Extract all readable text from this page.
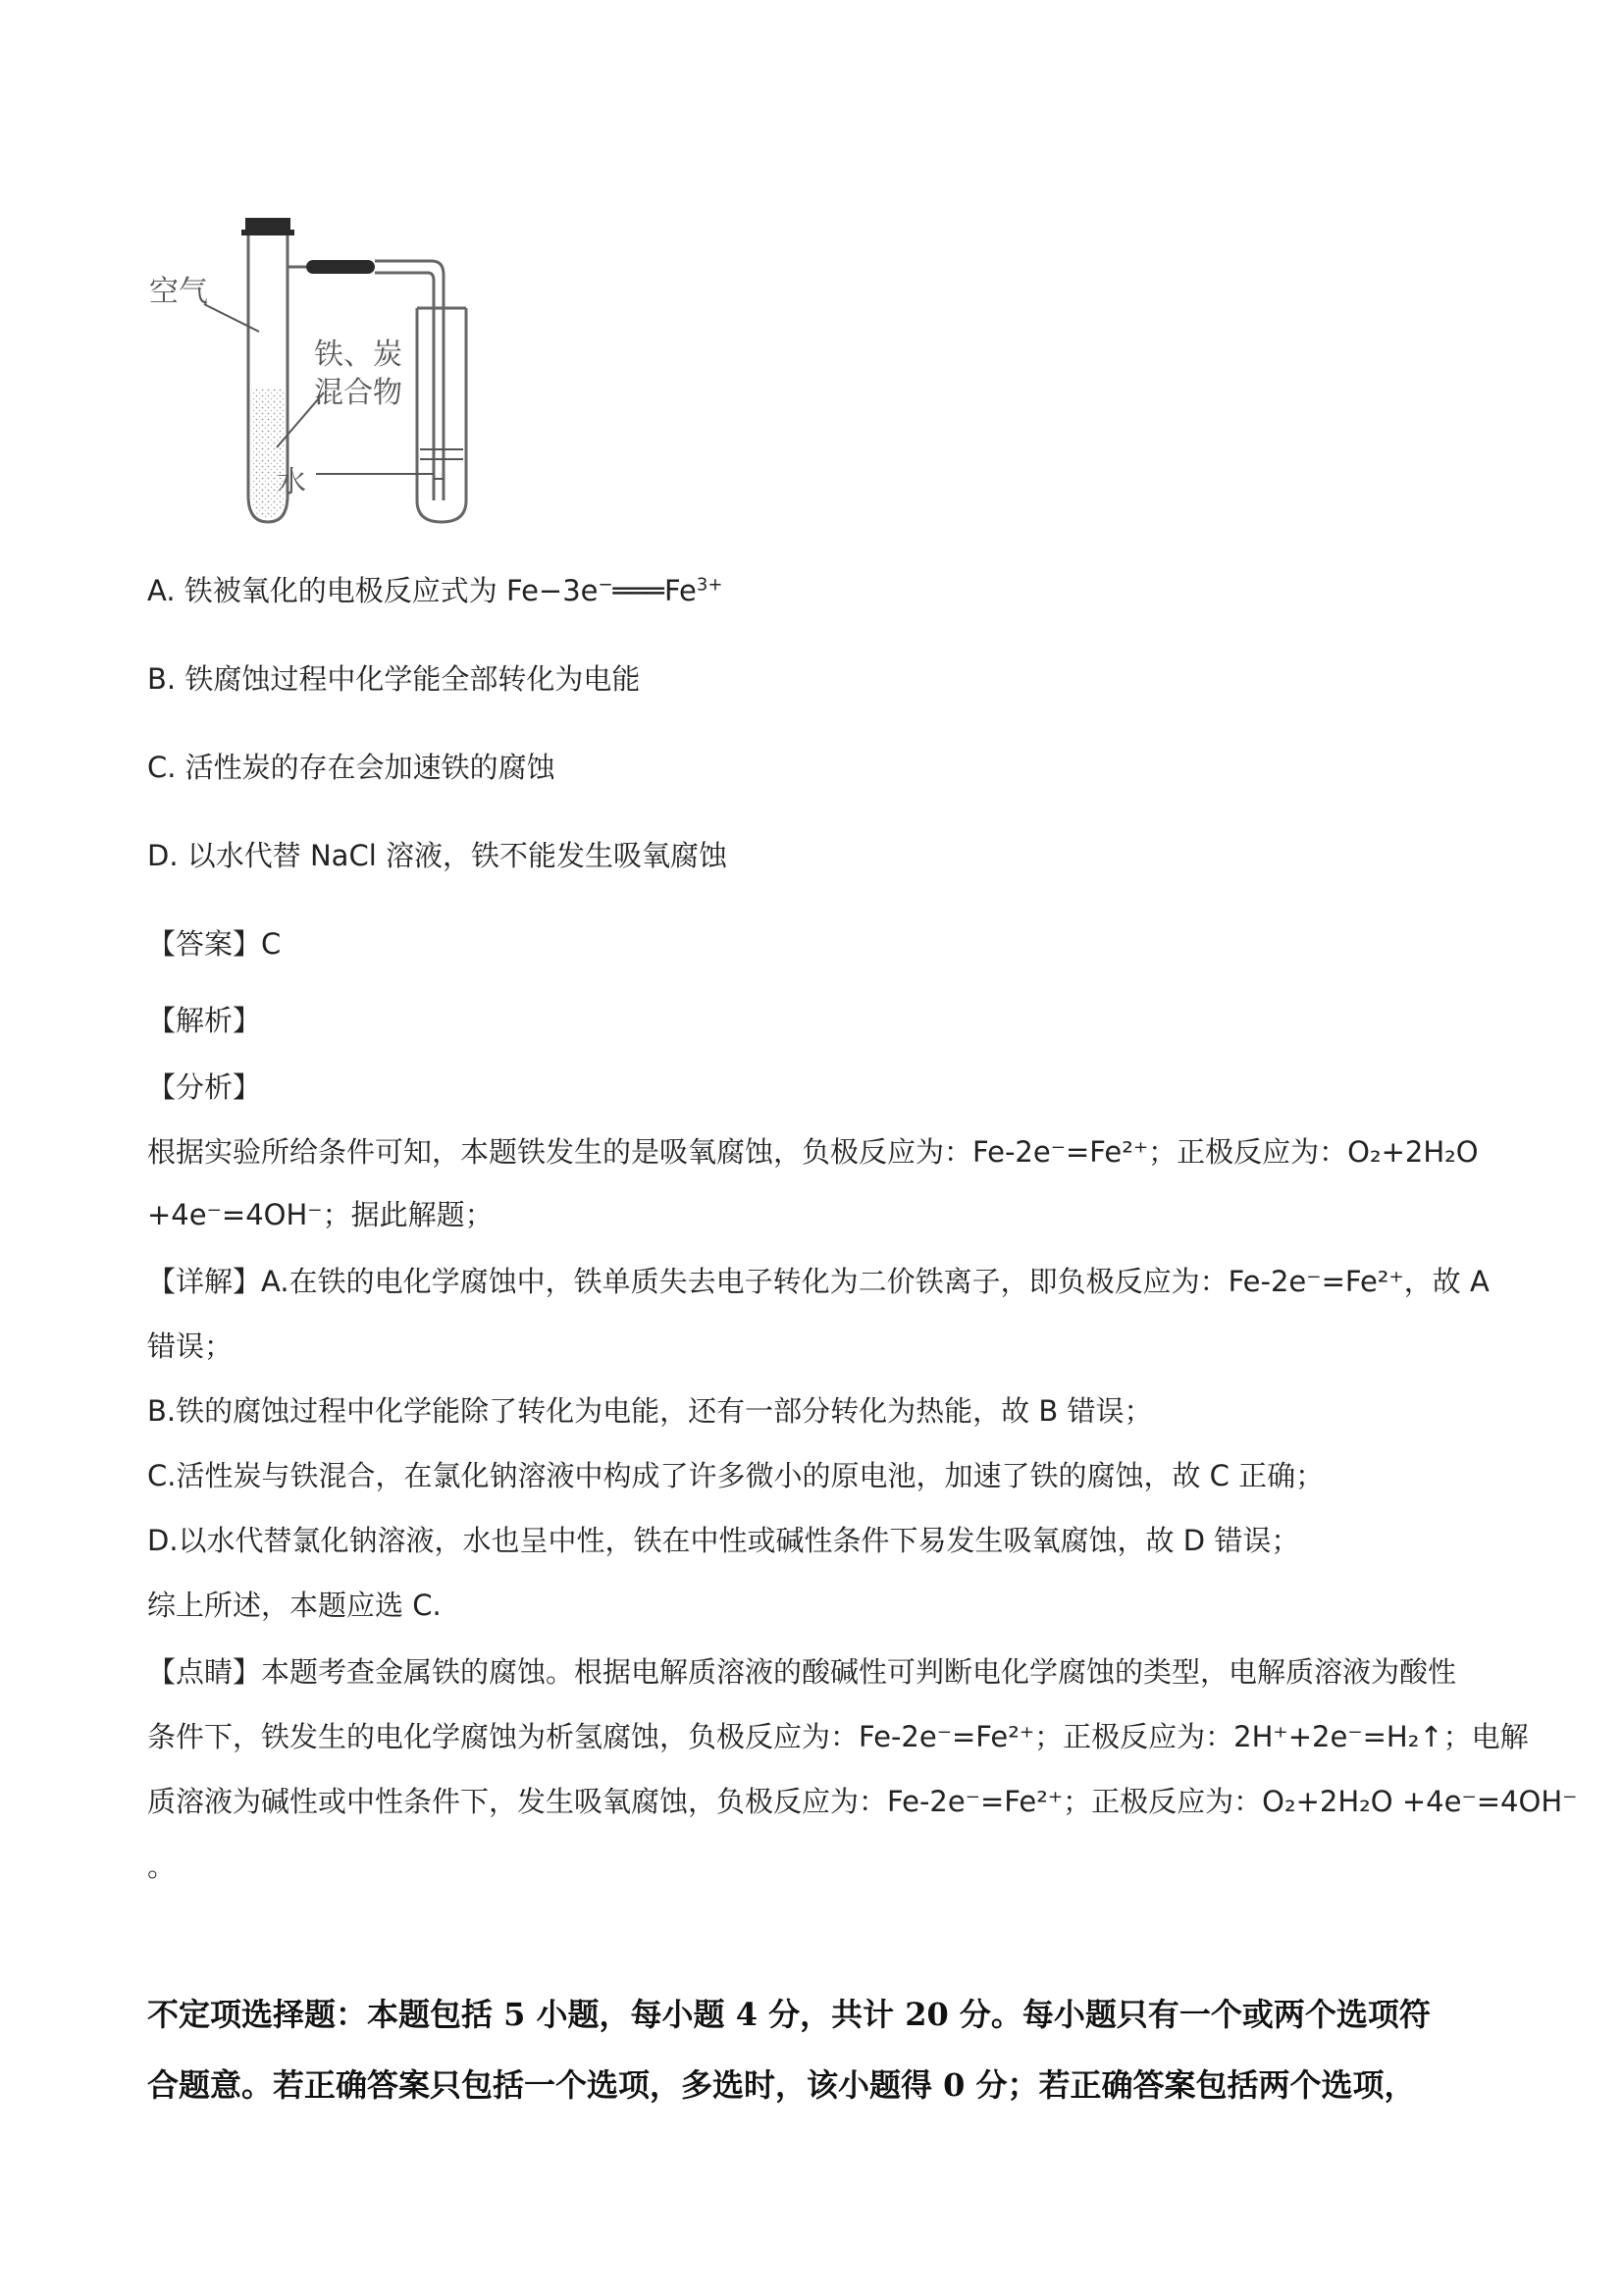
空气
铁、炭
混合物
水
A. 铁被氧化的电极反应式为 $Fe-3e^-═══Fe^{3+}$
B. 铁腐蚀过程中化学能全部转化为电能
C. 活性炭的存在会加速铁的腐蚀
D. 以水代替 NaCl 溶液，铁不能发生吸氧腐蚀
【答案】C
【解析】
【分析】
根据实验所给条件可知，本题铁发生的是吸氧腐蚀，负极反应为：Fe-2e⁻=Fe²⁺；正极反应为：O₂+2H₂O
+4e⁻=4OH⁻；据此解题；
【详解】A.在铁的电化学腐蚀中，铁单质失去电子转化为二价铁离子，即负极反应为：Fe-2e⁻=Fe²⁺，故 A
错误；
B.铁的腐蚀过程中化学能除了转化为电能，还有一部分转化为热能，故 B 错误；
C.活性炭与铁混合，在氯化钠溶液中构成了许多微小的原电池，加速了铁的腐蚀，故 C 正确；
D.以水代替氯化钠溶液，水也呈中性，铁在中性或碱性条件下易发生吸氧腐蚀，故 D 错误；
综上所述，本题应选 C.
【点睛】本题考查金属铁的腐蚀。根据电解质溶液的酸碱性可判断电化学腐蚀的类型，电解质溶液为酸性
条件下，铁发生的电化学腐蚀为析氢腐蚀，负极反应为：Fe-2e⁻=Fe²⁺；正极反应为：2H⁺+2e⁻=H₂↑；电解
质溶液为碱性或中性条件下，发生吸氧腐蚀，负极反应为：Fe-2e⁻=Fe²⁺；正极反应为：O₂+2H₂O +4e⁻=4OH⁻
。
不定项选择题：本题包括 5 小题，每小题 4 分，共计 20 分。每小题只有一个或两个选项符
合题意。若正确答案只包括一个选项，多选时，该小题得 0 分；若正确答案包括两个选项，
